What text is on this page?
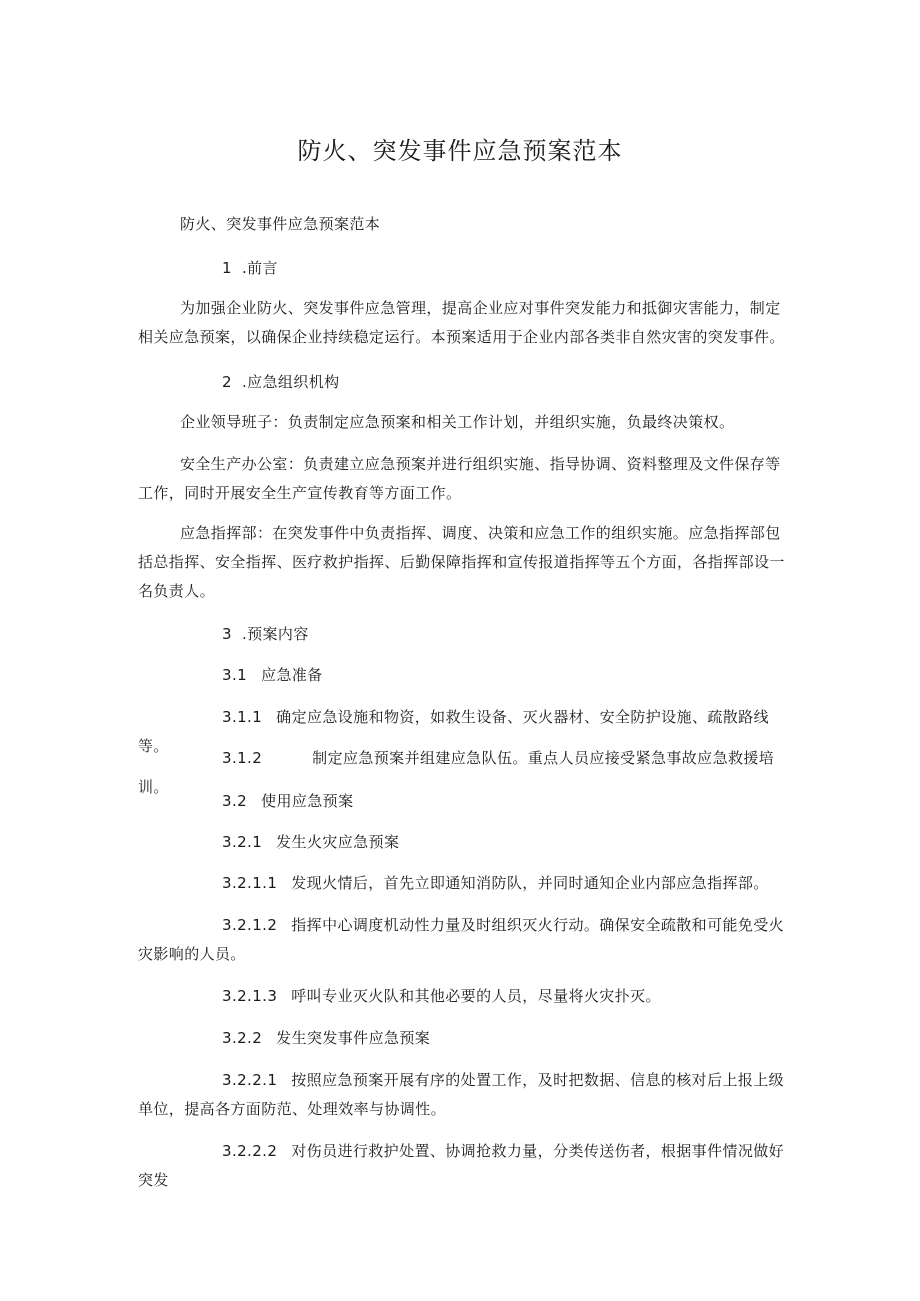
防火、突发事件应急预案范本

防火、突发事件应急预案范本

1 .前言

为加强企业防火、突发事件应急管理，提高企业应对事件突发能力和抵御灾害能力，制定相关应急预案，以确保企业持续稳定运行。本预案适用于企业内部各类非自然灾害的突发事件。

2 .应急组织机构

企业领导班子：负责制定应急预案和相关工作计划，并组织实施，负最终决策权。

安全生产办公室：负责建立应急预案并进行组织实施、指导协调、资料整理及文件保存等工作，同时开展安全生产宣传教育等方面工作。

应急指挥部：在突发事件中负责指挥、调度、决策和应急工作的组织实施。应急指挥部包括总指挥、安全指挥、医疗救护指挥、后勤保障指挥和宣传报道指挥等五个方面，各指挥部设一名负责人。

3 .预案内容

3.1 应急准备

3.1.1 确定应急设施和物资，如救生设备、灭火器材、安全防护设施、疏散路线等。

3.1.2	制定应急预案并组建应急队伍。重点人员应接受紧急事故应急救援培训。

3.2 使用应急预案

3.2.1 发生火灾应急预案

3.2.1.1 发现火情后，首先立即通知消防队，并同时通知企业内部应急指挥部。

3.2.1.2 指挥中心调度机动性力量及时组织灭火行动。确保安全疏散和可能免受火灾影响的人员。

3.2.1.3 呼叫专业灭火队和其他必要的人员，尽量将火灾扑灭。

3.2.2 发生突发事件应急预案

3.2.2.1 按照应急预案开展有序的处置工作，及时把数据、信息的核对后上报上级单位，提高各方面防范、处理效率与协调性。

3.2.2.2 对伤员进行救护处置、协调抢救力量，分类传送伤者，根据事件情况做好突发
